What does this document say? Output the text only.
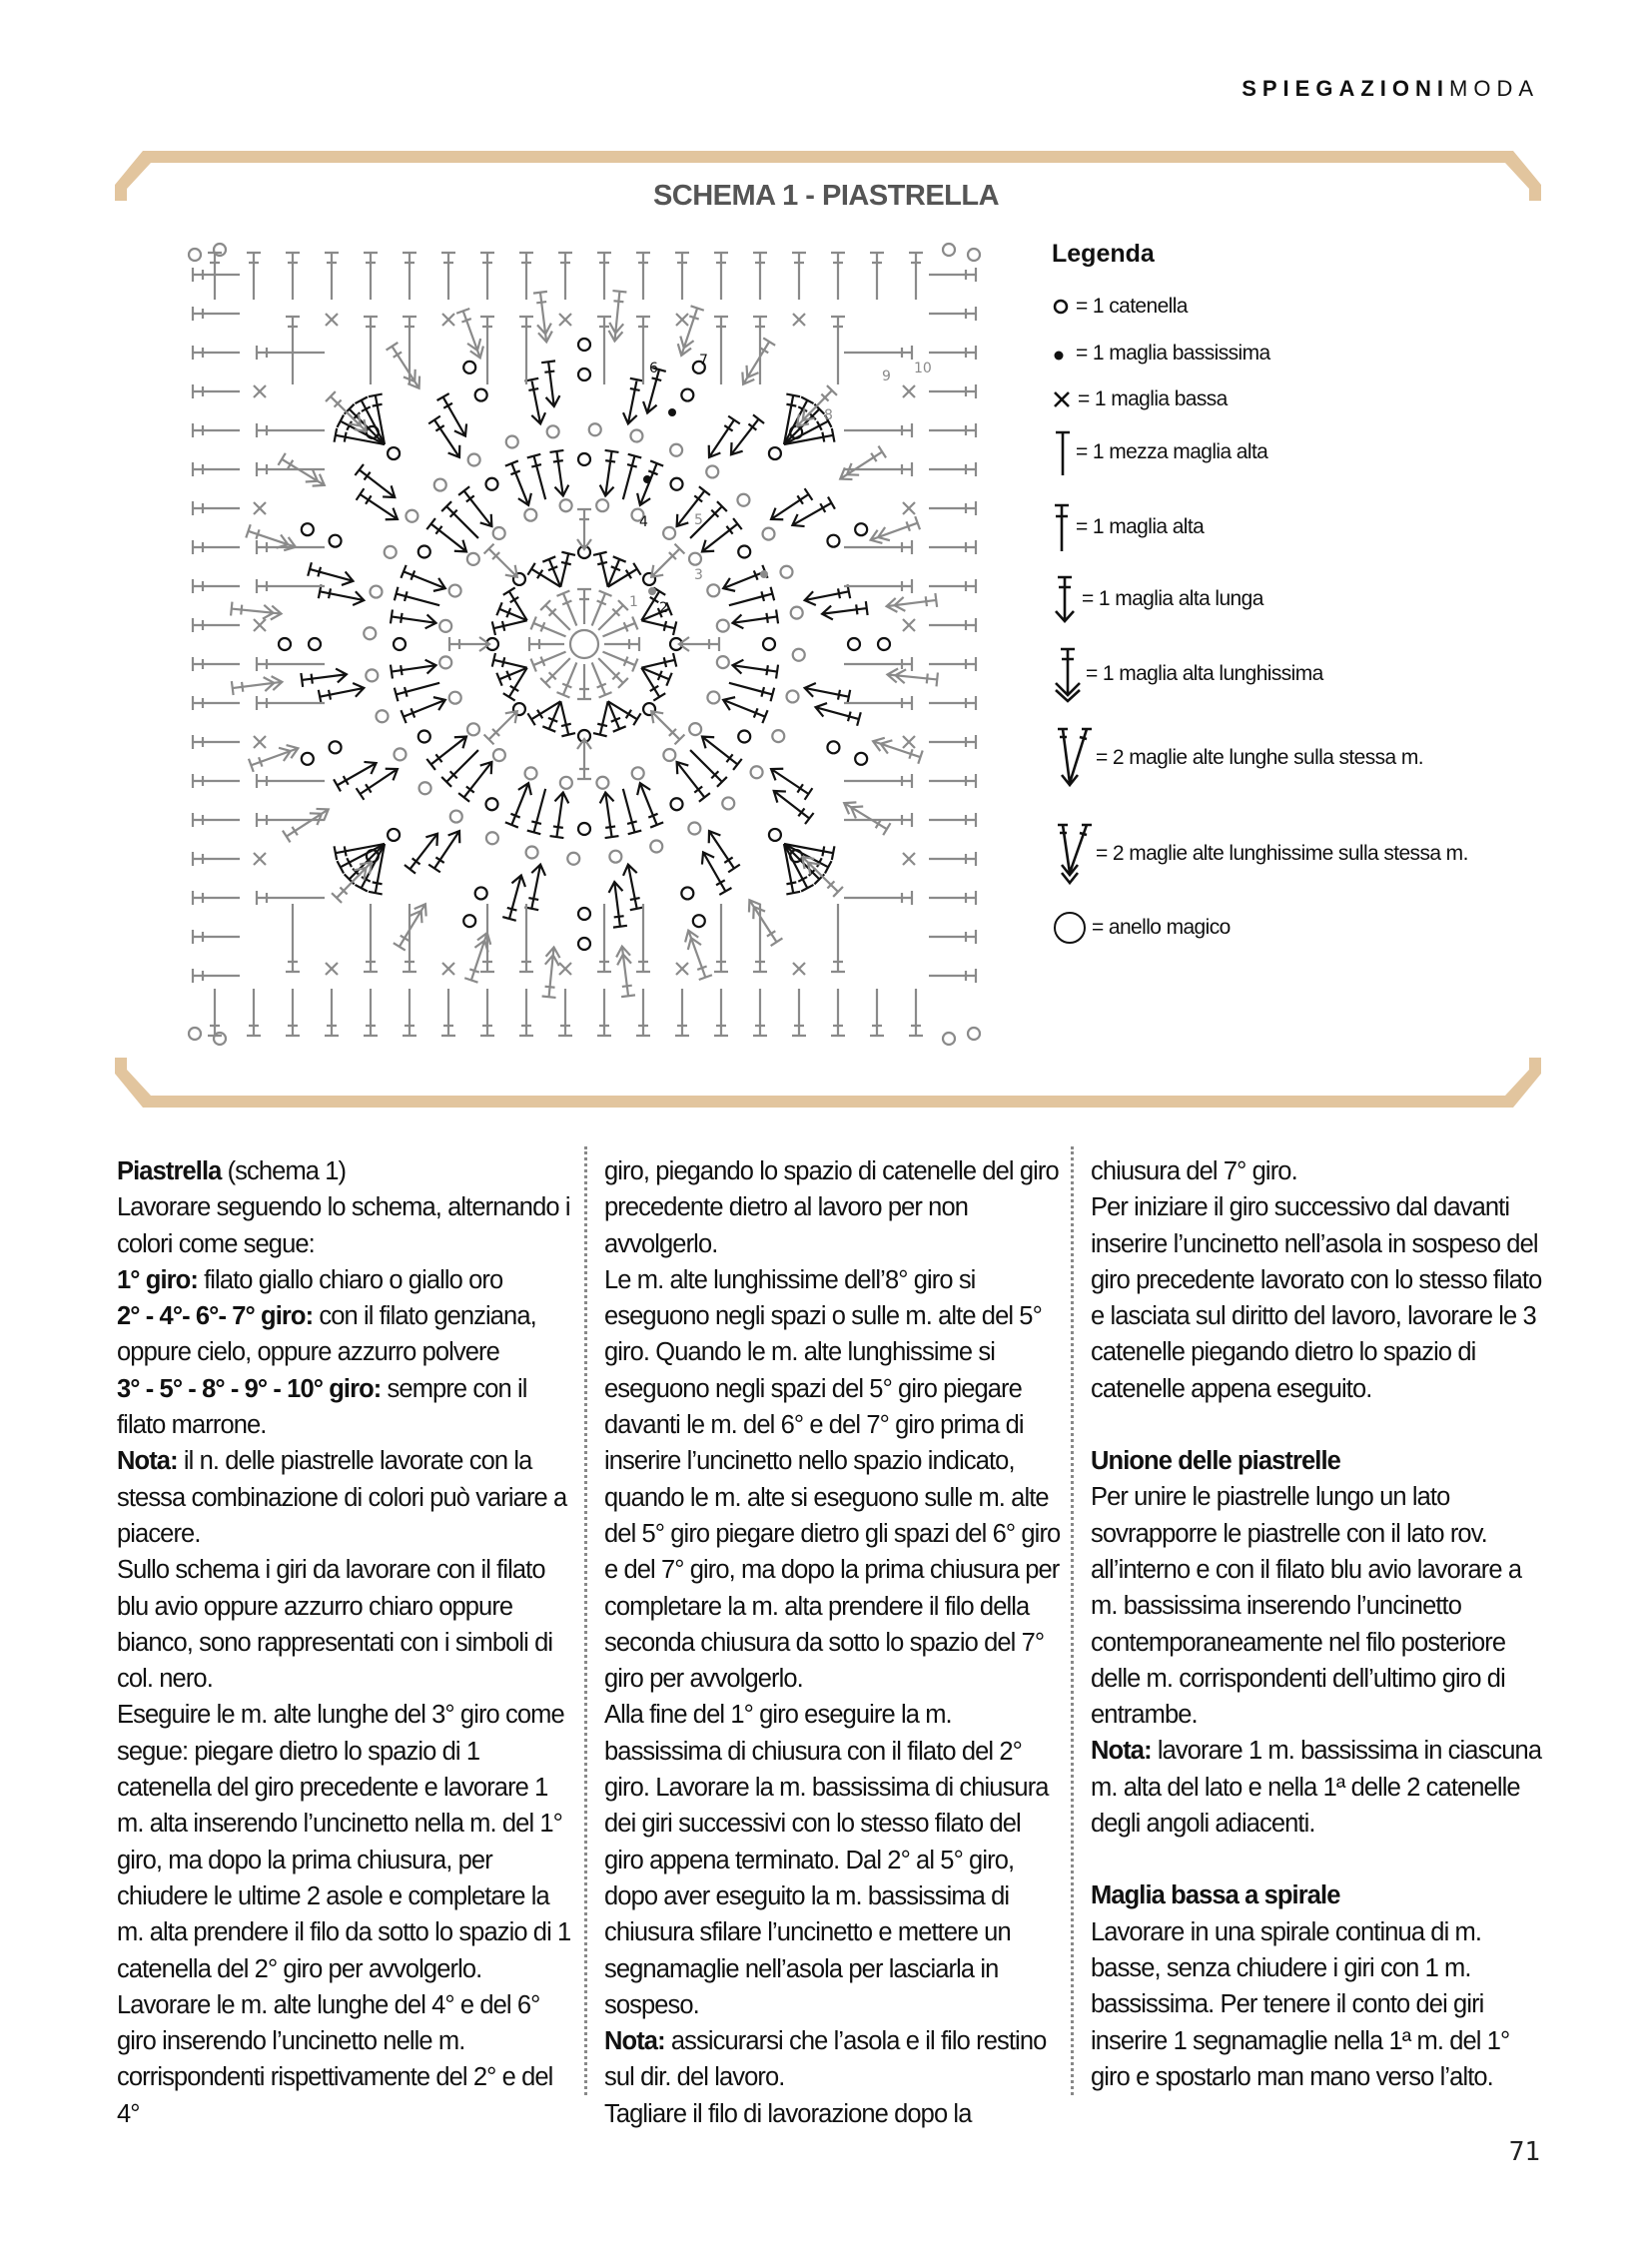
SPIEGAZIONIMODA
SCHEMA 1 - PIASTRELLA
1 2
3
4	5
6	7
8
9 10
Legenda
= 1 catenella
= 1 maglia bassissima
= 1 maglia bassa
= 1 mezza maglia alta
= 1 maglia alta
= 1 maglia alta lunga
= 1 maglia alta lunghissima
= 2 maglie alte lunghe sulla stessa m.
= 2 maglie alte lunghissime sulla stessa m.
= anello magico

Piastrella (schema 1)

Lavorare seguendo lo schema, alternando i colori come segue:

1° giro: filato giallo chiaro o giallo oro

2° - 4°- 6°- 7° giro: con il filato genziana, oppure cielo, oppure azzurro polvere

3° - 5° - 8° - 9° - 10° giro: sempre con il filato marrone.

Nota: il n. delle piastrelle lavorate con la stessa combinazione di colori può variare a piacere.

Sullo schema i giri da lavorare con il filato blu avio oppure azzurro chiaro oppure bianco, sono rappresentati con i simboli di col. nero.

Eseguire le m. alte lunghe del 3° giro come segue: piegare dietro lo spazio di 1 catenella del giro precedente e lavorare 1 m. alta inserendo l’uncinetto nella m. del 1° giro, ma dopo la prima chiusura, per chiudere le ultime 2 asole e completare la m. alta prendere il filo da sotto lo spazio di 1 catenella del 2° giro per avvolgerlo.

Lavorare le m. alte lunghe del 4° e del 6° giro inserendo l’uncinetto nelle m. corrispondenti rispettivamente del 2° e del 4°

giro, piegando lo spazio di catenelle del giro precedente dietro al lavoro per non avvolgerlo.

Le m. alte lunghissime dell’8° giro si eseguono negli spazi o sulle m. alte del 5° giro. Quando le m. alte lunghissime si eseguono negli spazi del 5° giro piegare davanti le m. del 6° e del 7° giro prima di inserire l’uncinetto nello spazio indicato, quando le m. alte si eseguono sulle m. alte del 5° giro piegare dietro gli spazi del 6° giro e del 7° giro, ma dopo la prima chiusura per completare la m. alta prendere il filo della seconda chiusura da sotto lo spazio del 7° giro per avvolgerlo.

Alla fine del 1° giro eseguire la m. bassissima di chiusura con il filato del 2° giro. Lavorare la m. bassissima di chiusura dei giri successivi con lo stesso filato del giro appena terminato. Dal 2° al 5° giro, dopo aver eseguito la m. bassissima di chiusura sfilare l’uncinetto e mettere un segnamaglie nell’asola per lasciarla in sospeso.

Nota: assicurarsi che l’asola e il filo restino sul dir. del lavoro.

Tagliare il filo di lavorazione dopo la

chiusura del 7° giro.

Per iniziare il giro successivo dal davanti inserire l’uncinetto nell’asola in sospeso del giro precedente lavorato con lo stesso filato e lasciata sul diritto del lavoro, lavorare le 3 catenelle piegando dietro lo spazio di catenelle appena eseguito.

Unione delle piastrelle

Per unire le piastrelle lungo un lato sovrapporre le piastrelle con il lato rov. all’interno e con il filato blu avio lavorare a m. bassissima inserendo l’uncinetto contemporaneamente nel filo posteriore delle m. corrispondenti dell’ultimo giro di entrambe.

Nota: lavorare 1 m. bassissima in ciascuna m. alta del lato e nella 1ª delle 2 catenelle degli angoli adiacenti.

Maglia bassa a spirale

Lavorare in una spirale continua di m. basse, senza chiudere i giri con 1 m. bassissima. Per tenere il conto dei giri inserire 1 segnamaglie nella 1ª m. del 1° giro e spostarlo man mano verso l’alto.

71
